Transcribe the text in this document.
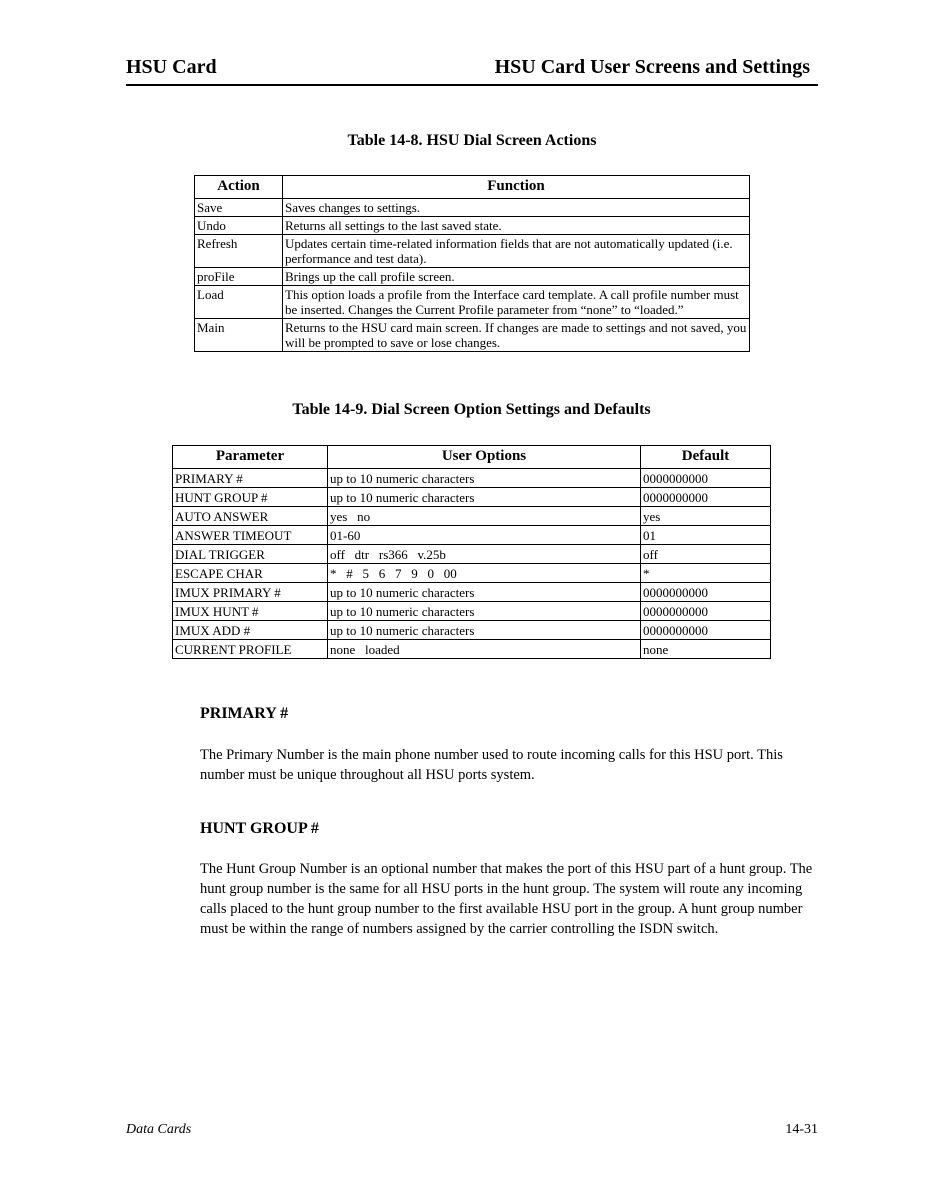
HSU Card	HSU Card User Screens and Settings
Table 14-8. HSU Dial Screen Actions
Action	Function
Save	Saves changes to settings.
Undo	Returns all settings to the last saved state.
Refresh	Updates certain time-related information fields that are not automatically updated (i.e. performance and test data).
proFile	Brings up the call profile screen.
Load	This option loads a profile from the Interface card template. A call profile number must be inserted. Changes the Current Profile parameter from “none” to “loaded.”
Main	Returns to the HSU card main screen. If changes are made to settings and not saved, you will be prompted to save or lose changes.
Table 14-9. Dial Screen Option Settings and Defaults
Parameter	User Options	Default
PRIMARY #	up to 10 numeric characters	0000000000
HUNT GROUP #	up to 10 numeric characters	0000000000
AUTO ANSWER	yes   no	yes
ANSWER TIMEOUT	01-60	01
DIAL TRIGGER	off   dtr   rs366   v.25b	off
ESCAPE CHAR	*   #   5   6   7   9   0   00	*
IMUX PRIMARY #	up to 10 numeric characters	0000000000
IMUX HUNT #	up to 10 numeric characters	0000000000
IMUX ADD #	up to 10 numeric characters	0000000000
CURRENT PROFILE	none   loaded	none
PRIMARY #
The Primary Number is the main phone number used to route incoming calls for this HSU port. This number must be unique throughout all HSU ports system.
HUNT GROUP #
The Hunt Group Number is an optional number that makes the port of this HSU part of a hunt group. The hunt group number is the same for all HSU ports in the hunt group. The system will route any incoming calls placed to the hunt group number to the first available HSU port in the group. A hunt group number must be within the range of numbers assigned by the carrier controlling the ISDN switch.
Data Cards	14-31
